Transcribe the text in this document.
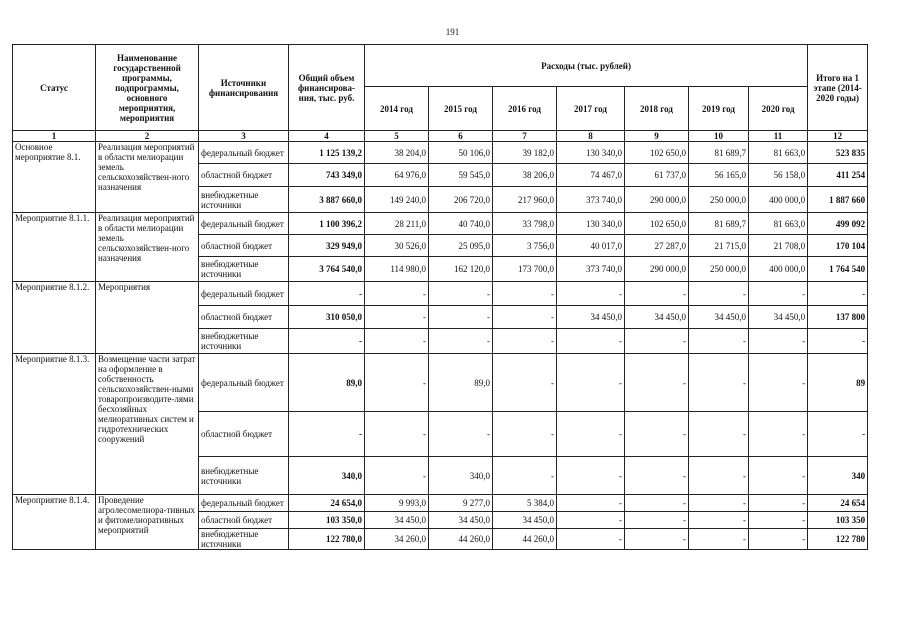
191
Статус	Наименование государственной программы, подпрограммы, основного мероприятия, мероприятия	Источники финансирования	Общий объем финансирова-ния, тыс. руб.	Расходы (тыс. рублей)							Итого на 1 этапе (2014-2020 годы)
				2014 год	2015 год	2016 год	2017 год	2018 год	2019 год	2020 год	
1	2	3	4	5	6	7	8	9	10	11	12
Основное мероприятие 8.1.	Реализация мероприятий в области мелиорации земель сельскохозяйствен-ного назначения	федеральный бюджет	1 125 139,2	38 204,0	50 106,0	39 182,0	130 340,0	102 650,0	81 689,7	81 663,0	523 835
		областной бюджет	743 349,0	64 976,0	59 545,0	38 206,0	74 467,0	61 737,0	56 165,0	56 158,0	411 254
		внебюджетные источники	3 887 660,0	149 240,0	206 720,0	217 960,0	373 740,0	290 000,0	250 000,0	400 000,0	1 887 660
Мероприятие 8.1.1.	Реализация мероприятий в области мелиорации земель сельскохозяйствен-ного назначения	федеральный бюджет	1 100 396,2	28 211,0	40 740,0	33 798,0	130 340,0	102 650,0	81 689,7	81 663,0	499 092
		областной бюджет	329 949,0	30 526,0	25 095,0	3 756,0	40 017,0	27 287,0	21 715,0	21 708,0	170 104
		внебюджетные источники	3 764 540,0	114 980,0	162 120,0	173 700,0	373 740,0	290 000,0	250 000,0	400 000,0	1 764 540
Мероприятие 8.1.2.	Мероприятия	федеральный бюджет	-	-	-	-	-	-	-	-	-
		областной бюджет	310 050,0	-	-	-	34 450,0	34 450,0	34 450,0	34 450,0	137 800
		внебюджетные источники	-	-	-	-	-	-	-	-	-
Мероприятие 8.1.3.	Возмещение части затрат на оформление в собственность сельскохозяйствен-ными товаропроизводите-лями бесхозяйных мелиоративных систем и гидротехнических сооружений	федеральный бюджет	89,0	-	89,0	-	-	-	-	-	89
		областной бюджет	-	-	-	-	-	-	-	-	-
		внебюджетные источники	340,0	-	340,0	-	-	-	-	-	340
Мероприятие 8.1.4.	Проведение агролесомелиора-тивных и фитомелиоративных мероприятий	федеральный бюджет	24 654,0	9 993,0	9 277,0	5 384,0	-	-	-	-	24 654
		областной бюджет	103 350,0	34 450,0	34 450,0	34 450,0	-	-	-	-	103 350
		внебюджетные источники	122 780,0	34 260,0	44 260,0	44 260,0	-	-	-	-	122 780
